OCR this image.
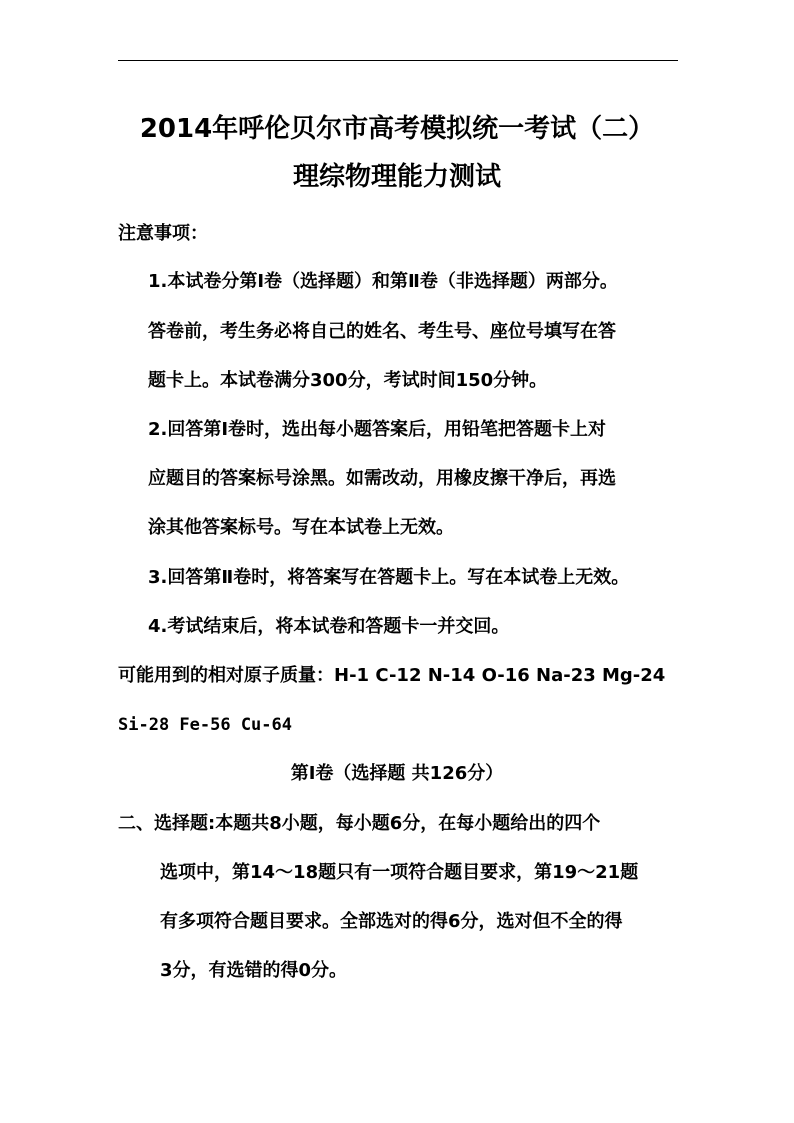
2014年呼伦贝尔市高考模拟统一考试（二）
理综物理能力测试
注意事项：
1.本试卷分第Ⅰ卷（选择题）和第Ⅱ卷（非选择题）两部分。
答卷前，考生务必将自己的姓名、考生号、座位号填写在答
题卡上。本试卷满分300分，考试时间150分钟。
2.回答第Ⅰ卷时，选出每小题答案后，用铅笔把答题卡上对
应题目的答案标号涂黑。如需改动，用橡皮擦干净后，再选
涂其他答案标号。写在本试卷上无效。
3.回答第Ⅱ卷时，将答案写在答题卡上。写在本试卷上无效。
4.考试结束后，将本试卷和答题卡一并交回。
可能用到的相对原子质量：H-1 C-12 N-14 O-16 Na-23 Mg-24
Si-28 Fe-56 Cu-64
第Ⅰ卷（选择题 共126分）
二、选择题:本题共8小题，每小题6分，在每小题给出的四个
选项中，第14～18题只有一项符合题目要求，第19～21题
有多项符合题目要求。全部选对的得6分，选对但不全的得
3分，有选错的得0分。
